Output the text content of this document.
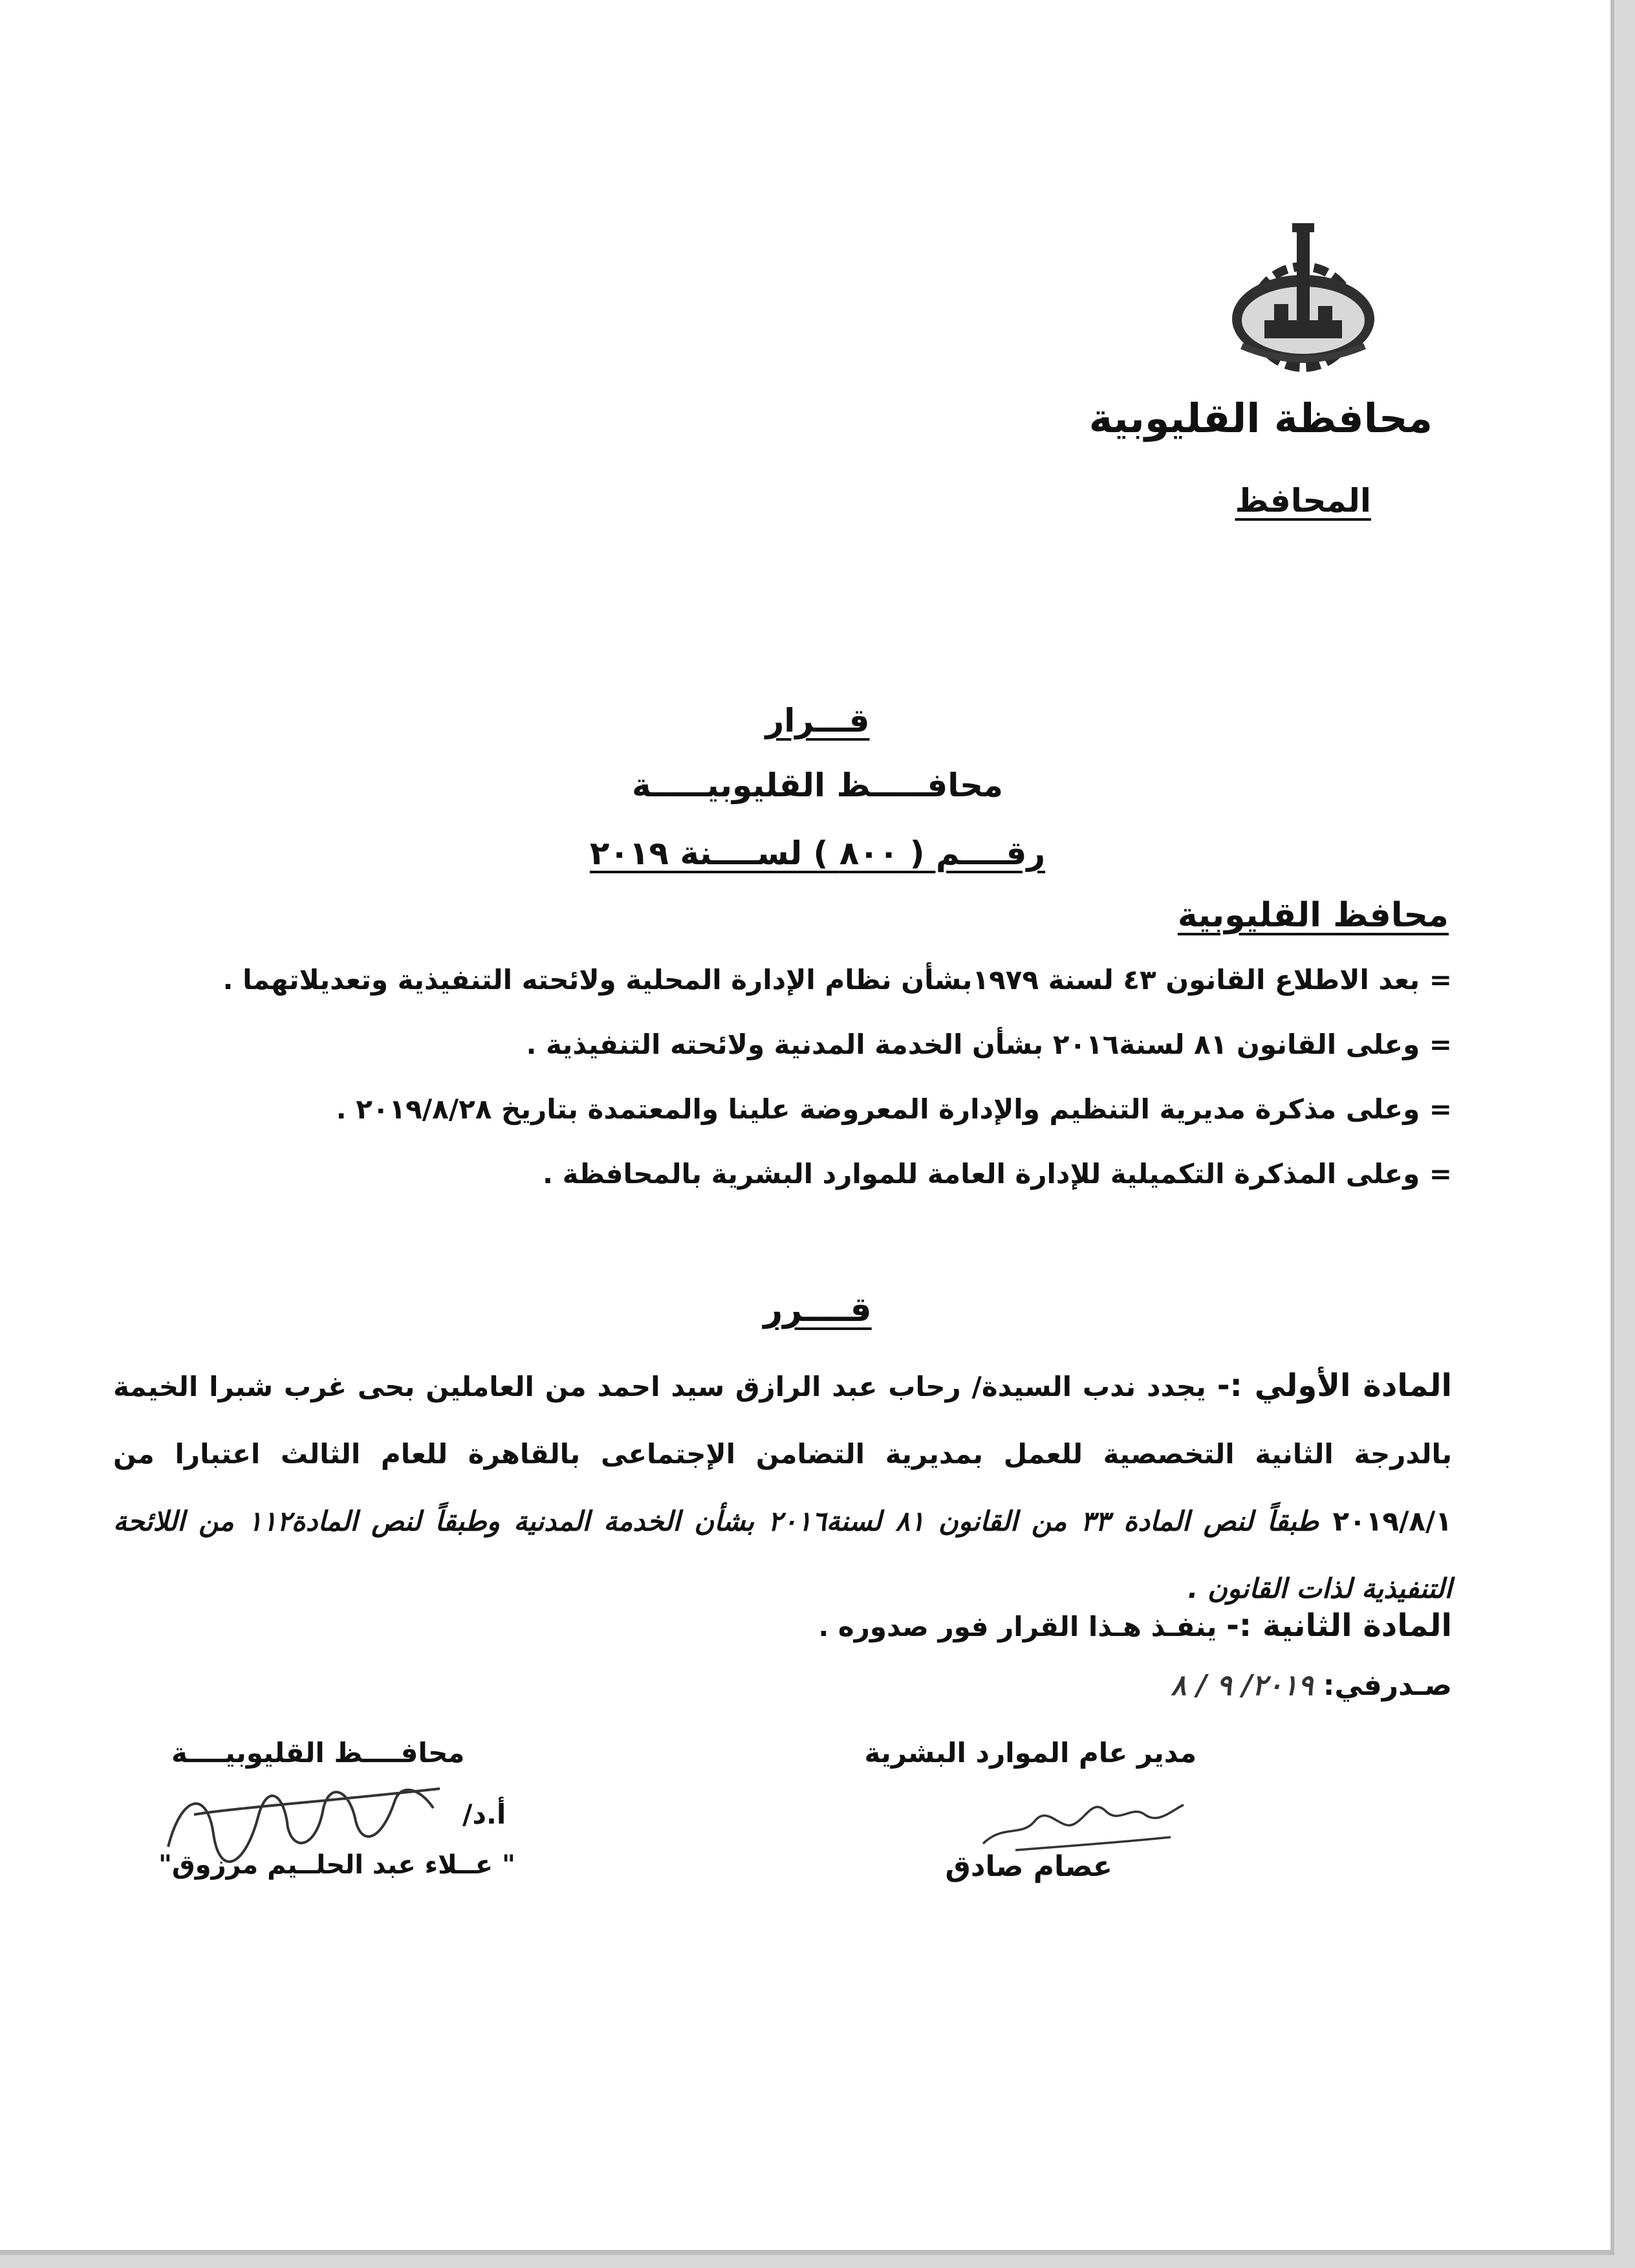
محافظة القليوبية
المحافظ
قـــرار
محافـــــظ القليوبيـــــة
رقــــم ( ٨٠٠ ) لســــنة ٢٠١٩
محافظ القليوبية
= بعد الاطلاع القانون ٤٣ لسنة ١٩٧٩بشأن نظام الإدارة المحلية ولائحته التنفيذية وتعديلاتهما .
= وعلى القانون ٨١ لسنة٢٠١٦ بشأن الخدمة المدنية ولائحته التنفيذية .
= وعلى مذكرة مديرية التنظيم والإدارة المعروضة علينا والمعتمدة بتاريخ ٢٠١٩/٨/٢٨ .
= وعلى المذكرة التكميلية للإدارة العامة للموارد البشرية بالمحافظة .
قــــرر
المادة الأولي :- يجدد ندب السيدة/ رحاب عبد الرازق سيد احمد من العاملين بحى غرب شبرا الخيمة بالدرجة الثانية التخصصية للعمل بمديرية التضامن الإجتماعى بالقاهرة للعام الثالث اعتبارا من ٢٠١٩/٨/١ طبقاً لنص المادة ٣٣ من القانون ٨١ لسنة٢٠١٦ بشأن الخدمة المدنية وطبقاً لنص المادة١١٢ من اللائحة التنفيذية لذات القانون .
المادة الثانية :- ينفـذ هـذا القرار فور صدوره .
صـدرفي: ٢٠١٩/ ٩ / ٨
محافــــظ القليوبيــــة
أ.د/
" عــلاء عبد الحلــيم مرزوق"
مدير عام الموارد البشرية
عصام صادق
